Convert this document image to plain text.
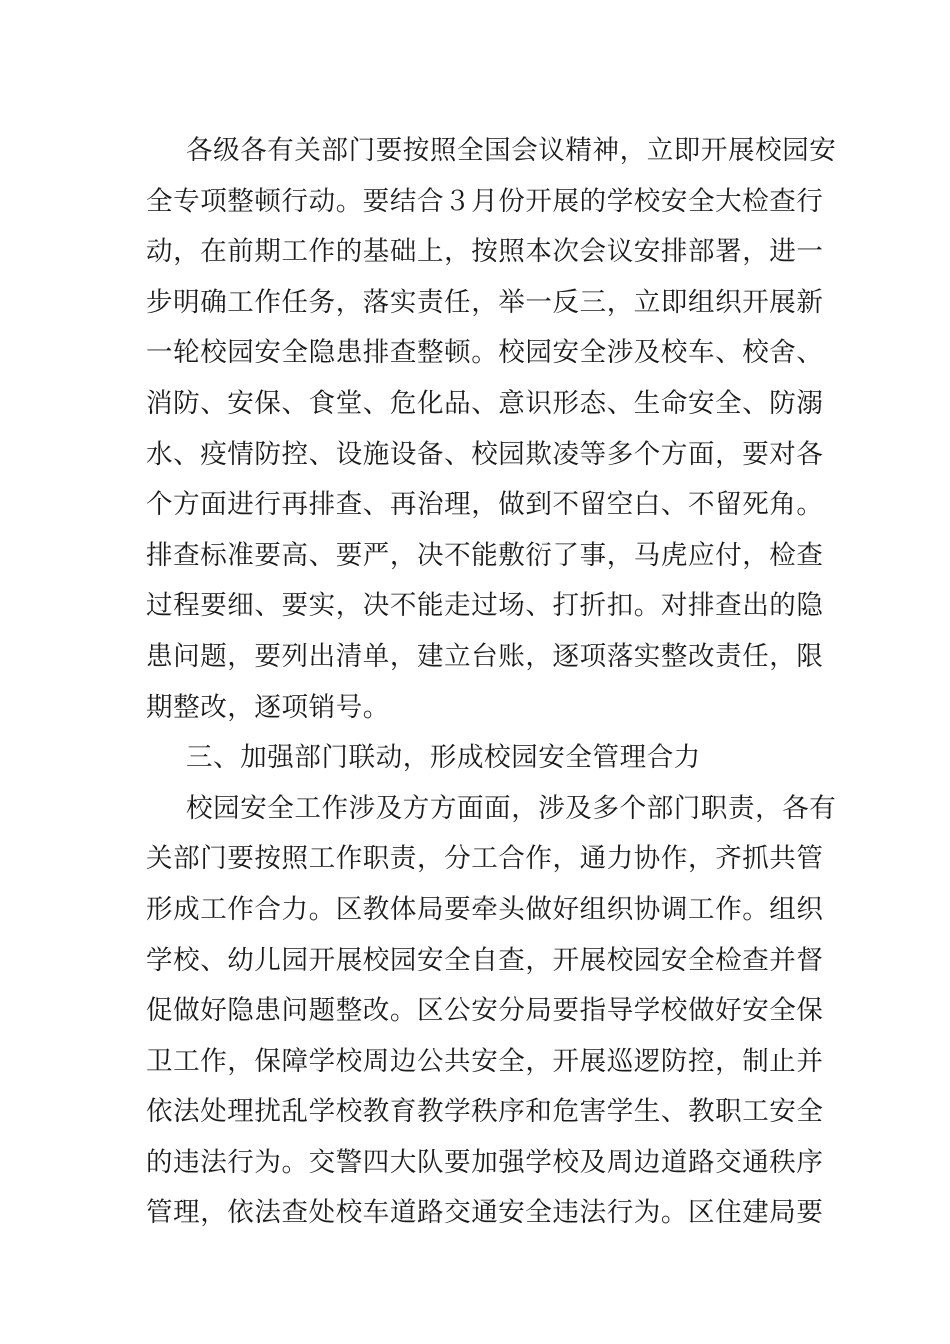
各级各有关部门要按照全国会议精神，立即开展校园安
全专项整顿行动。要结合３月份开展的学校安全大检查行
动，在前期工作的基础上，按照本次会议安排部署，进一
步明确工作任务，落实责任，举一反三，立即组织开展新
一轮校园安全隐患排查整顿。校园安全涉及校车、校舍、
消防、安保、食堂、危化品、意识形态、生命安全、防溺
水、疫情防控、设施设备、校园欺凌等多个方面，要对各
个方面进行再排查、再治理，做到不留空白、不留死角。
排查标准要高、要严，决不能敷衍了事，马虎应付，检查
过程要细、要实，决不能走过场、打折扣。对排查出的隐
患问题，要列出清单，建立台账，逐项落实整改责任，限
期整改，逐项销号。
三、加强部门联动，形成校园安全管理合力
校园安全工作涉及方方面面，涉及多个部门职责，各有
关部门要按照工作职责，分工合作，通力协作，齐抓共管
形成工作合力。区教体局要牵头做好组织协调工作。组织
学校、幼儿园开展校园安全自查，开展校园安全检查并督
促做好隐患问题整改。区公安分局要指导学校做好安全保
卫工作，保障学校周边公共安全，开展巡逻防控，制止并
依法处理扰乱学校教育教学秩序和危害学生、教职工安全
的违法行为。交警四大队要加强学校及周边道路交通秩序
管理，依法查处校车道路交通安全违法行为。区住建局要
